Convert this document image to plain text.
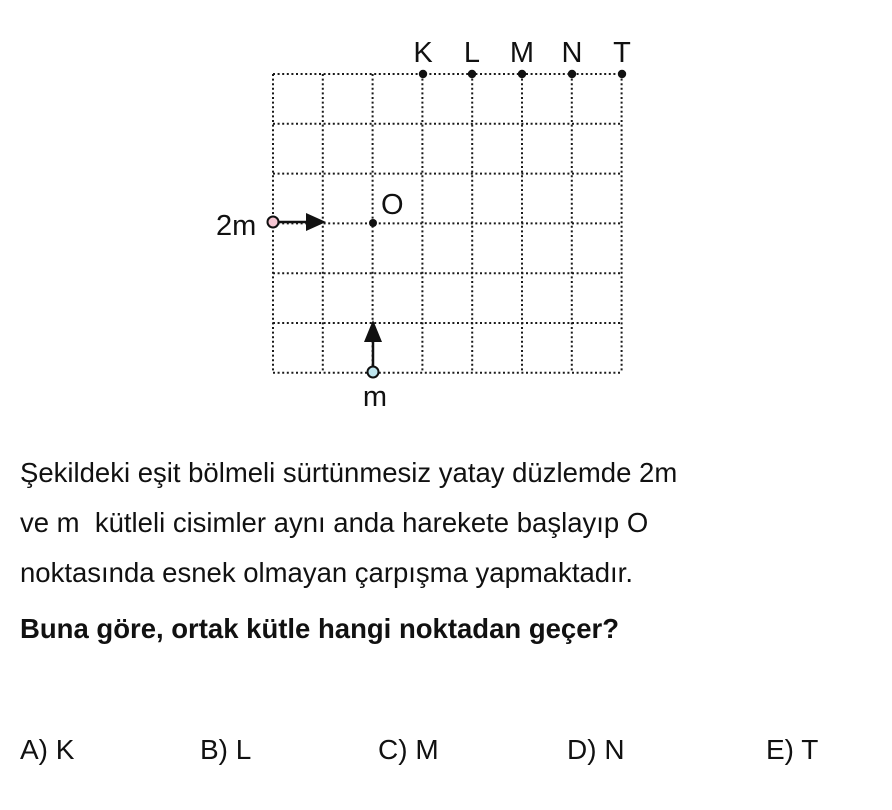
K L M N T
O
2m
m
Şekildeki eşit bölmeli sürtünmesiz yatay düzlemde 2m
ve m  kütleli cisimler aynı anda harekete başlayıp O
noktasında esnek olmayan çarpışma yapmaktadır.
Buna göre, ortak kütle hangi noktadan geçer?
A) K	B) L	C) M	D) N	E) T
